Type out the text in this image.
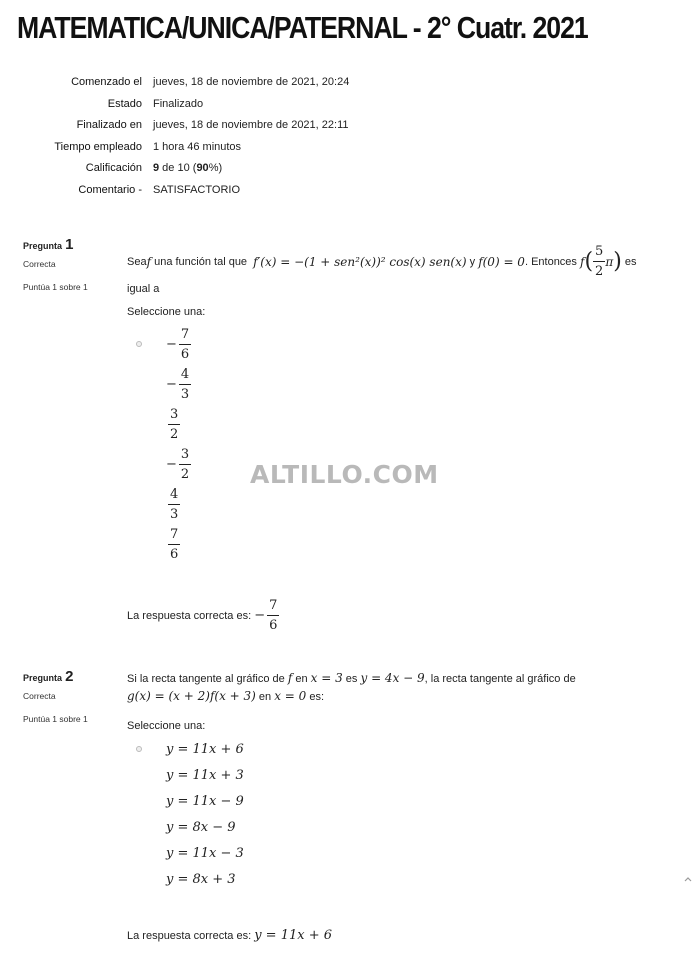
MATEMATICA/UNICA/PATERNAL - 2° Cuatr. 2021
Comenzado el jueves, 18 de noviembre de 2021, 20:24
Estado Finalizado
Finalizado en jueves, 18 de noviembre de 2021, 22:11
Tiempo empleado 1 hora 46 minutos
Calificación 9 de 10 (90%)
Comentario - SATISFACTORIO
Pregunta 1
Correcta
Puntúa 1 sobre 1
Sea f una función tal que f′(x) = −(1 + sen²(x))² cos(x) sen(x) y f(0) = 0 . Entonces f ( $\frac{5}{2}$ π ) es
igual a
Seleccione una:
− $\frac{7}{6}$
− $\frac{4}{3}$
$\frac{3}{2}$
− $\frac{3}{2}$
$\frac{4}{3}$
$\frac{7}{6}$
La respuesta correcta es: − $\frac{7}{6}$
Pregunta 2
Correcta
Puntúa 1 sobre 1
Si la recta tangente al gráfico de f en x = 3 es y = 4x − 9, la recta tangente al gráfico de
g(x) = (x + 2)f(x + 3) en x = 0 es:
Seleccione una:
y = 11x + 6
y = 11x + 3
y = 11x − 9
y = 8x − 9
y = 11x − 3
y = 8x + 3
La respuesta correcta es: y = 11x + 6
ALTILLO.COM
